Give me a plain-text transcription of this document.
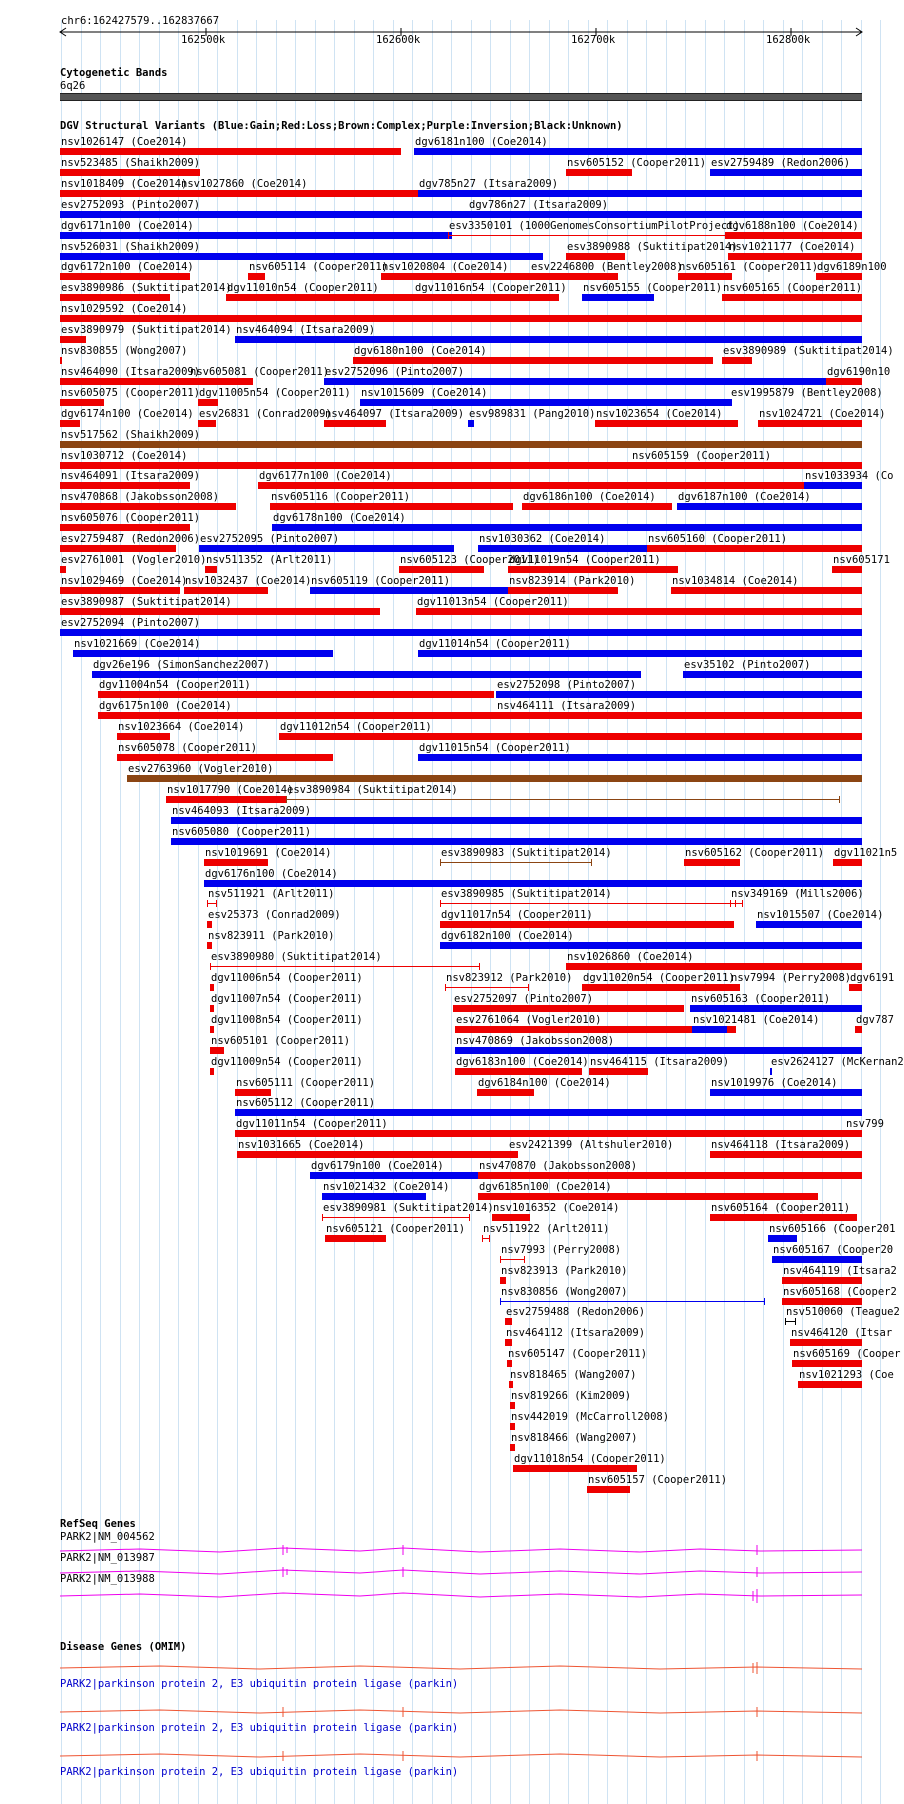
chr6:162427579..162837667
162500k	162600k	162700k	162800k
Cytogenetic Bands
6q26
DGV Structural Variants (Blue:Gain;Red:Loss;Brown:Complex;Purple:Inversion;Black:Unknown)
nsv1026147 (Coe2014)	dgv6181n100 (Coe2014)
nsv523485 (Shaikh2009)	nsv605152 (Cooper2011) esv2759489 (Redon2006)
nsv1018409 (Coe2014)
nsv1027860 (Coe2014)	dgv785n27 (Itsara2009)
esv2752093 (Pinto2007)	dgv786n27 (Itsara2009)
dgv6171n100 (Coe2014)	esv3350101 (1000GenomesConsortiumPilotProject)
dgv6188n100 (Coe2014)
nsv526031 (Shaikh2009)	esv3890988 (Suktitipat2014)
nsv1021177 (Coe2014)
dgv6172n100 (Coe2014)	nsv605114 (Cooper2011)
nsv1020804 (Coe2014) esv2246800 (Bentley2008)
nsv605161 (Cooper2011)
dgv6189n100
esv3890986 (Suktitipat2014)
dgv11010n54 (Cooper2011)	dgv11016n54 (Cooper2011) nsv605155 (Cooper2011) nsv605165 (Cooper2011)
nsv1029592 (Coe2014)
esv3890979 (Suktitipat2014) nsv464094 (Itsara2009)
nsv830855 (Wong2007)	dgv6180n100 (Coe2014)	esv3890989 (Suktitipat2014)
nsv464090 (Itsara2009)
nsv605081 (Cooper2011)
esv2752096 (Pinto2007)	dgv6190n10
nsv605075 (Cooper2011)
dgv11005n54 (Cooper2011) nsv1015609 (Coe2014)	esv1995879 (Bentley2008)
dgv6174n100 (Coe2014) esv26831 (Conrad2009)
nsv464097 (Itsara2009) esv989831 (Pang2010) nsv1023654 (Coe2014)	nsv1024721 (Coe2014)
nsv517562 (Shaikh2009)
nsv1030712 (Coe2014)	nsv605159 (Cooper2011)
nsv464091 (Itsara2009)	dgv6177n100 (Coe2014)	nsv1033934 (Co
nsv470868 (Jakobsson2008)	nsv605116 (Cooper2011)	dgv6186n100 (Coe2014) dgv6187n100 (Coe2014)
nsv605076 (Cooper2011)	dgv6178n100 (Coe2014)
esv2759487 (Redon2006) esv2752095 (Pinto2007)	nsv1030362 (Coe2014)	nsv605160 (Cooper2011)
esv2761001 (Vogler2010) nsv511352 (Arlt2011)	nsv605123 (Cooper2011)
dgv11019n54 (Cooper2011)	nsv605171
nsv1029469 (Coe2014)
nsv1032437 (Coe2014) nsv605119 (Cooper2011)	nsv823914 (Park2010)	nsv1034814 (Coe2014)
esv3890987 (Suktitipat2014)	dgv11013n54 (Cooper2011)
esv2752094 (Pinto2007)
nsv1021669 (Coe2014)	dgv11014n54 (Cooper2011)
dgv26e196 (SimonSanchez2007)	esv35102 (Pinto2007)
dgv11004n54 (Cooper2011)	esv2752098 (Pinto2007)
dgv6175n100 (Coe2014)	nsv464111 (Itsara2009)
nsv1023664 (Coe2014)	dgv11012n54 (Cooper2011)
nsv605078 (Cooper2011)	dgv11015n54 (Cooper2011)
esv2763960 (Vogler2010)
nsv1017790 (Coe2014)
esv3890984 (Suktitipat2014)
nsv464093 (Itsara2009)
nsv605080 (Cooper2011)
nsv1019691 (Coe2014)	esv3890983 (Suktitipat2014)	nsv605162 (Cooper2011) dgv11021n5
dgv6176n100 (Coe2014)
nsv511921 (Arlt2011)	esv3890985 (Suktitipat2014)	nsv349169 (Mills2006)
esv25373 (Conrad2009)	dgv11017n54 (Cooper2011)	nsv1015507 (Coe2014)
nsv823911 (Park2010)	dgv6182n100 (Coe2014)
esv3890980 (Suktitipat2014)	nsv1026860 (Coe2014)
dgv11006n54 (Cooper2011)	nsv823912 (Park2010) dgv11020n54 (Cooper2011)
nsv7994 (Perry2008)
dgv6191
dgv11007n54 (Cooper2011)	esv2752097 (Pinto2007)	nsv605163 (Cooper2011)
dgv11008n54 (Cooper2011)	esv2761064 (Vogler2010)	nsv1021481 (Coe2014)	dgv787
nsv605101 (Cooper2011)	nsv470869 (Jakobsson2008)
dgv11009n54 (Cooper2011)	dgv6183n100 (Coe2014) nsv464115 (Itsara2009)	esv2624127 (McKernan2
nsv605111 (Cooper2011)	dgv6184n100 (Coe2014)	nsv1019976 (Coe2014)
nsv605112 (Cooper2011)
dgv11011n54 (Cooper2011)	nsv799
nsv1031665 (Coe2014)	esv2421399 (Altshuler2010)	nsv464118 (Itsara2009)
dgv6179n100 (Coe2014)	nsv470870 (Jakobsson2008)
nsv1021432 (Coe2014)	dgv6185n100 (Coe2014)
esv3890981 (Suktitipat2014) nsv1016352 (Coe2014)	nsv605164 (Cooper2011)
nsv605121 (Cooper2011) nsv511922 (Arlt2011)	nsv605166 (Cooper201
nsv7993 (Perry2008)	nsv605167 (Cooper20
nsv823913 (Park2010)	nsv464119 (Itsara2
nsv830856 (Wong2007)	nsv605168 (Cooper2
esv2759488 (Redon2006)	nsv510060 (Teague2
nsv464112 (Itsara2009)	nsv464120 (Itsar
nsv605147 (Cooper2011)	nsv605169 (Cooper
nsv818465 (Wang2007)	nsv1021293 (Coe
nsv819266 (Kim2009)
nsv442019 (McCarroll2008)
nsv818466 (Wang2007)
dgv11018n54 (Cooper2011)
nsv605157 (Cooper2011)
RefSeq Genes
PARK2|NM_004562
PARK2|NM_013987
PARK2|NM_013988
Disease Genes (OMIM)
PARK2|parkinson protein 2, E3 ubiquitin protein ligase (parkin)
PARK2|parkinson protein 2, E3 ubiquitin protein ligase (parkin)
PARK2|parkinson protein 2, E3 ubiquitin protein ligase (parkin)
